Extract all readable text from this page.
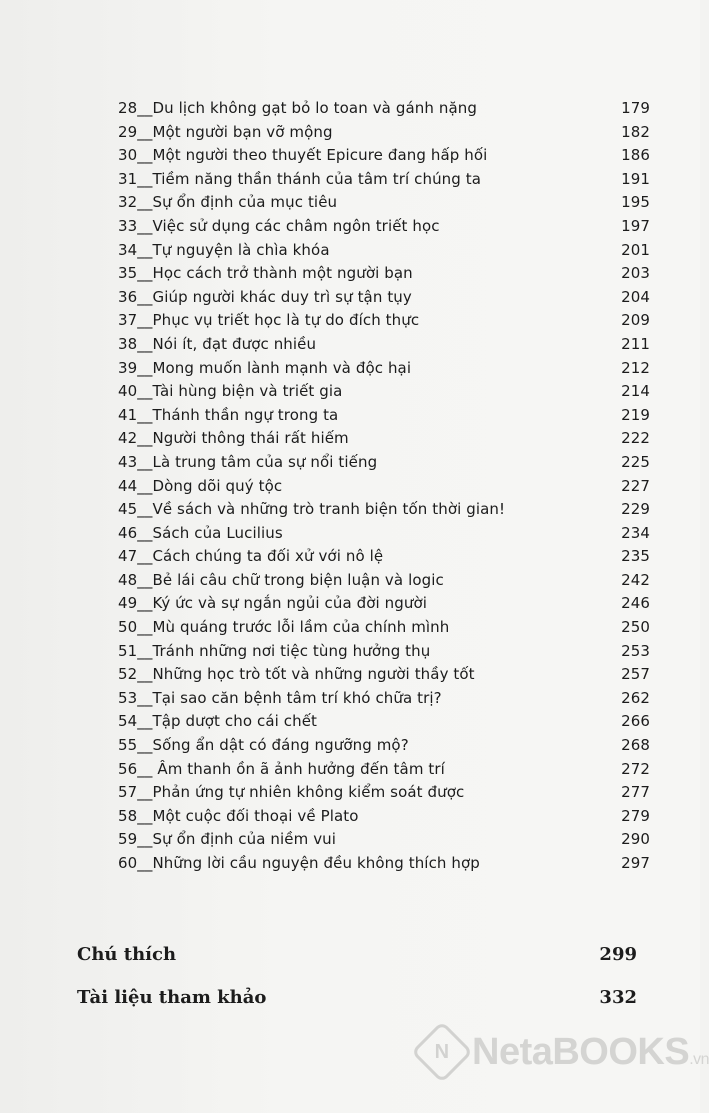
28__Du lịch không gạt bỏ lo toan và gánh nặng	179
29__Một người bạn vỡ mộng	182
30__Một người theo thuyết Epicure đang hấp hối	186
31__Tiềm năng thần thánh của tâm trí chúng ta	191
32__Sự ổn định của mục tiêu	195
33__Việc sử dụng các châm ngôn triết học	197
34__Tự nguyện là chìa khóa	201
35__Học cách trở thành một người bạn	203
36__Giúp người khác duy trì sự tận tụy	204
37__Phục vụ triết học là tự do đích thực	209
38__Nói ít, đạt được nhiều	211
39__Mong muốn lành mạnh và độc hại	212
40__Tài hùng biện và triết gia	214
41__Thánh thần ngự trong ta	219
42__Người thông thái rất hiếm	222
43__Là trung tâm của sự nổi tiếng	225
44__Dòng dõi quý tộc	227
45__Về sách và những trò tranh biện tốn thời gian!	229
46__Sách của Lucilius	234
47__Cách chúng ta đối xử với nô lệ	235
48__Bẻ lái câu chữ trong biện luận và logic	242
49__Ký ức và sự ngắn ngủi của đời người	246
50__Mù quáng trước lỗi lầm của chính mình	250
51__Tránh những nơi tiệc tùng hưởng thụ	253
52__Những học trò tốt và những người thầy tốt	257
53__Tại sao căn bệnh tâm trí khó chữa trị?	262
54__Tập dượt cho cái chết	266
55__Sống ẩn dật có đáng ngưỡng mộ?	268
56__ Âm thanh ồn ã ảnh hưởng đến tâm trí	272
57__Phản ứng tự nhiên không kiểm soát được	277
58__Một cuộc đối thoại về Plato	279
59__Sự ổn định của niềm vui	290
60__Những lời cầu nguyện đều không thích hợp	297
Chú thích	299
Tài liệu tham khảo	332
N NetaBOOKS.vn
